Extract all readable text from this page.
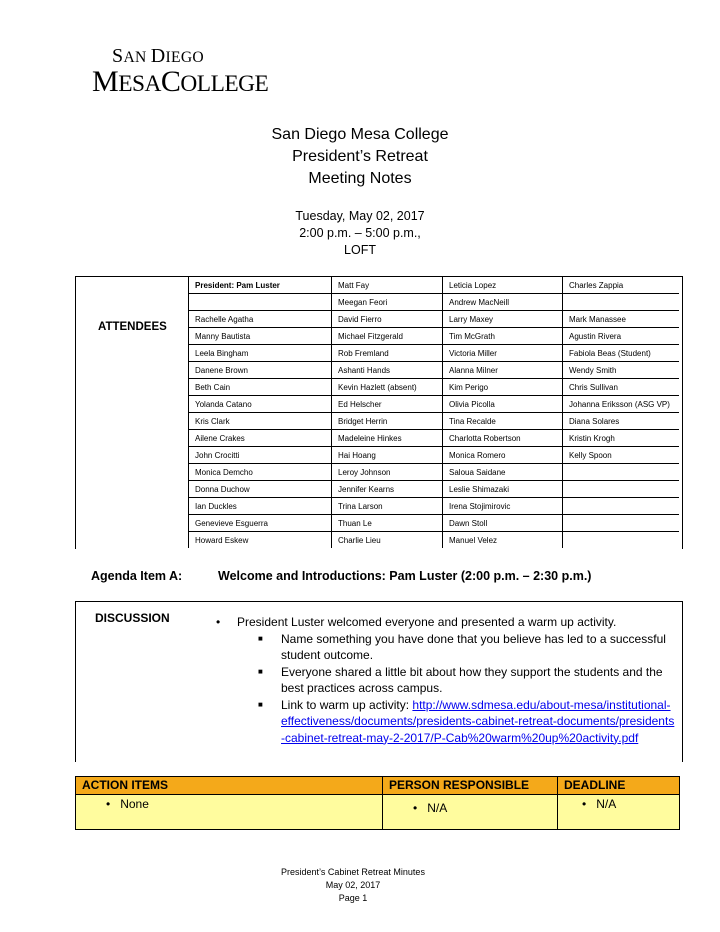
SAN DIEGO
MESACOLLEGE
San Diego Mesa College
President’s Retreat
Meeting Notes
Tuesday, May 02, 2017
2:00 p.m. – 5:00 p.m.,
LOFT
ATTENDEES
President: Pam Luster	Matt Fay	Leticia Lopez	Charles Zappia
	Meegan Feori	Andrew MacNeill	
Rachelle Agatha	David Fierro	Larry Maxey	Mark Manassee
Manny Bautista	Michael Fitzgerald	Tim McGrath	Agustin Rivera
Leela Bingham	Rob Fremland	Victoria Miller	Fabiola Beas (Student)
Danene Brown	Ashanti Hands	Alanna Milner	Wendy Smith
Beth Cain	Kevin Hazlett (absent)	Kim Perigo	Chris Sullivan
Yolanda Catano	Ed Helscher	Olivia Picolla	Johanna Eriksson (ASG VP)
Kris Clark	Bridget Herrin	Tina Recalde	Diana Solares
Ailene Crakes	Madeleine Hinkes	Charlotta Robertson	Kristin Krogh
John Crocitti	Hai Hoang	Monica Romero	Kelly Spoon
Monica Demcho	Leroy Johnson	Saloua Saidane	
Donna Duchow	Jennifer Kearns	Leslie Shimazaki	
Ian Duckles	Trina Larson	Irena Stojimirovic	
Genevieve Esguerra	Thuan Le	Dawn Stoll	
Howard Eskew	Charlie Lieu	Manuel Velez	
Agenda Item A:	Welcome and Introductions: Pam Luster (2:00 p.m. – 2:30 p.m.)
DISCUSSION	• President Luster welcomed everyone and presented a warm up activity.
■ Name something you have done that you believe has led to a successful student outcome.
■ Everyone shared a little bit about how they support the students and the best practices across campus.
■ Link to warm up activity: http://www.sdmesa.edu/about-mesa/institutional-effectiveness/documents/presidents-cabinet-retreat-documents/presidents-cabinet-retreat-may-2-2017/P-Cab%20warm%20up%20activity.pdf
ACTION ITEMS	PERSON RESPONSIBLE	DEADLINE
•   None	•   N/A	•   N/A
President’s Cabinet Retreat Minutes
May 02, 2017
Page 1
